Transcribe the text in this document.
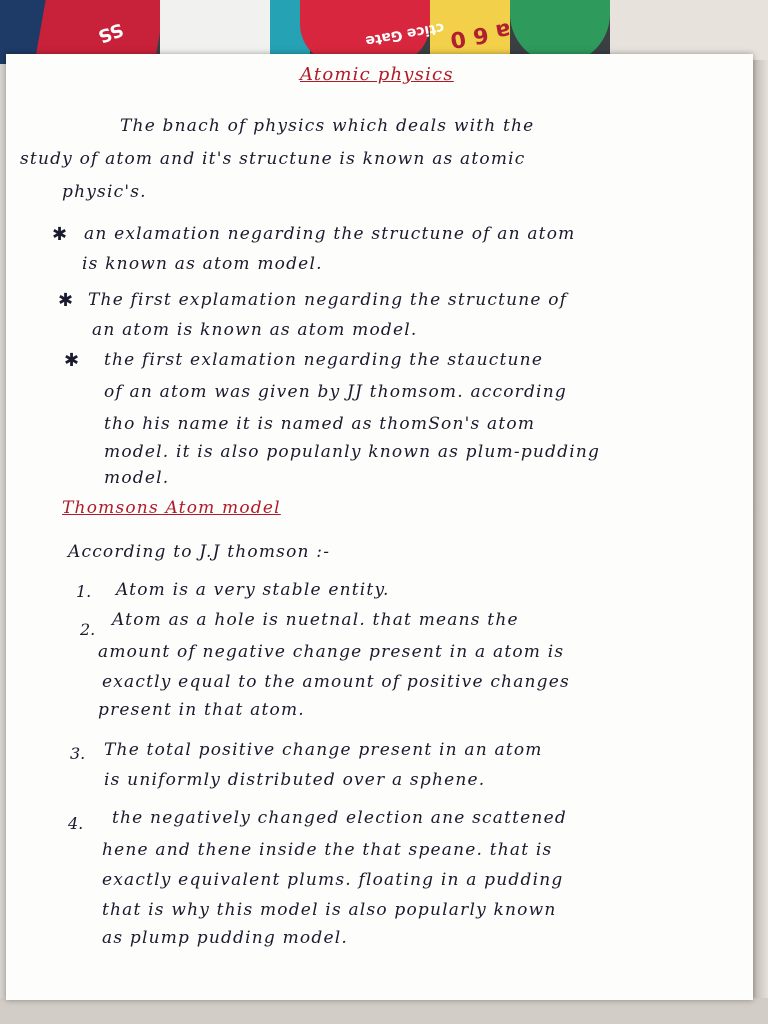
SS	ctice Gate a 6 0
Atomic physics
The bnach of physics which deals with the
study of atom and it's structune is known as atomic
physic's.
✱ an exlamation negarding the structune of an atom
is known as atom model.
✱ The first explamation negarding the structune of
an atom is known as atom model.
✱ the first exlamation negarding the stauctune
of an atom was given by JJ thomsom. according
tho his name it is named as thomSon's atom
model. it is also populanly known as plum-pudding
model.
Thomsons Atom model
According to J.J thomson :-
1. Atom is a very stable entity.
2. Atom as a hole is nuetnal. that means the
amount of negative change present in a atom is
exactly equal to the amount of positive changes
present in that atom.
3. The total positive change present in an atom
is uniformly distributed over a sphene.
4. the negatively changed election ane scattened
hene and thene inside the that speane. that is
exactly equivalent plums. floating in a pudding
that is why this model is also popularly known
as plump pudding model.
